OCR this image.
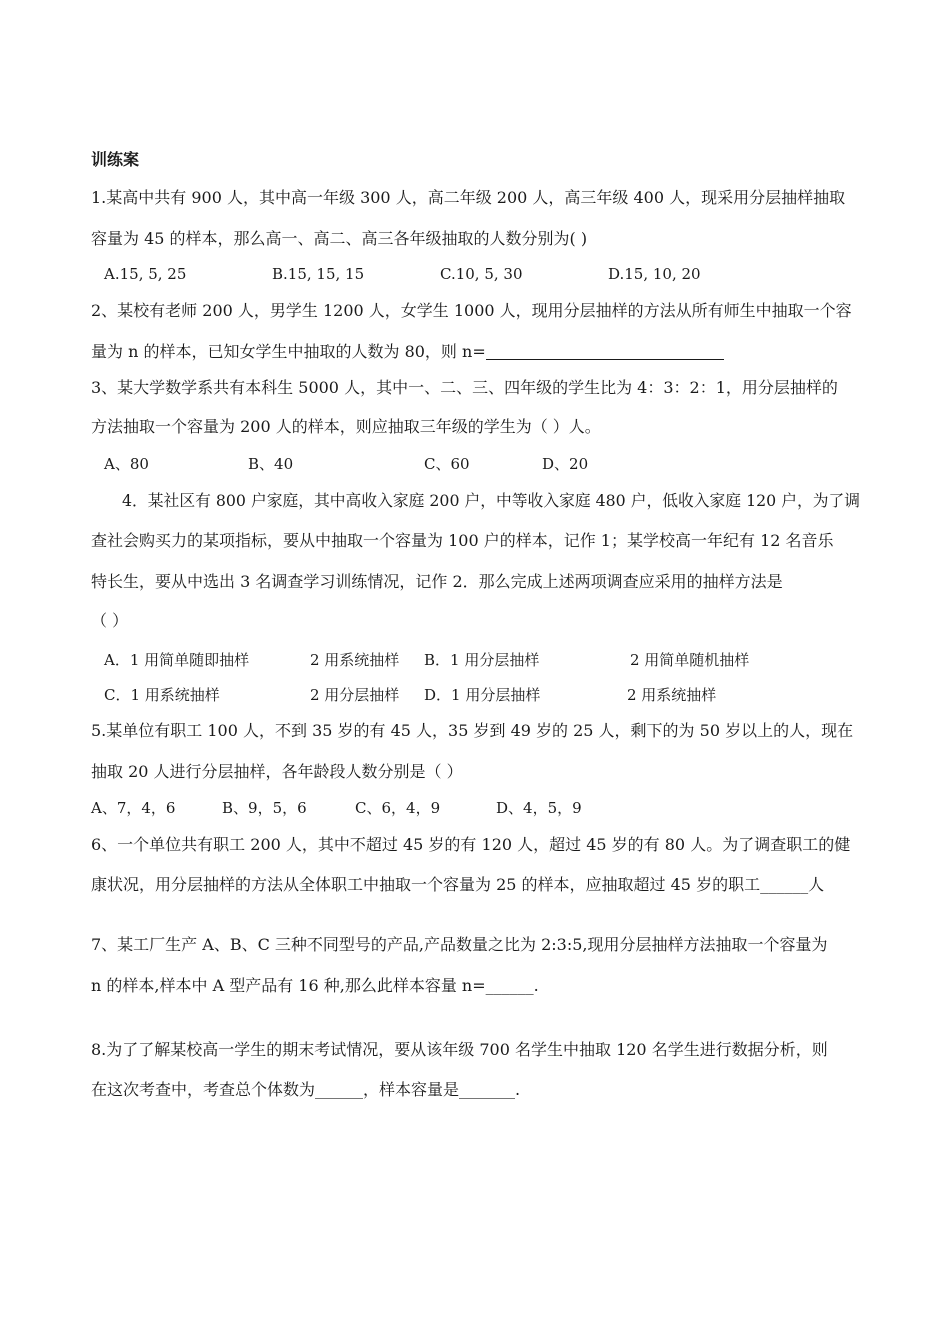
训练案
1.某高中共有 900 人，其中高一年级 300 人，高二年级 200 人，高三年级 400 人，现采用分层抽样抽取
容量为 45 的样本，那么高一、高二、高三各年级抽取的人数分别为( )
A.15, 5, 25	B.15, 15, 15	C.10, 5, 30	D.15, 10, 20
2、某校有老师 200 人，男学生 1200 人，女学生 1000 人，现用分层抽样的方法从所有师生中抽取一个容
量为 n 的样本，已知女学生中抽取的人数为 80，则 n=
3、某大学数学系共有本科生 5000 人，其中一、二、三、四年级的学生比为 4：3：2：1，用分层抽样的
方法抽取一个容量为 200 人的样本，则应抽取三年级的学生为（ ）人。
A、80	B、40	C、60	D、20
4．某社区有 800 户家庭，其中高收入家庭 200 户，中等收入家庭 480 户，低收入家庭 120 户，为了调
查社会购买力的某项指标，要从中抽取一个容量为 100 户的样本，记作 1；某学校高一年纪有 12 名音乐
特长生，要从中选出 3 名调查学习训练情况，记作 2．那么完成上述两项调查应采用的抽样方法是
（ ）
A．1 用简单随即抽样	2 用系统抽样 B．1 用分层抽样	2 用简单随机抽样
C．1 用系统抽样	2 用分层抽样 D．1 用分层抽样	2 用系统抽样
5.某单位有职工 100 人，不到 35 岁的有 45 人，35 岁到 49 岁的 25 人，剩下的为 50 岁以上的人，现在
抽取 20 人进行分层抽样，各年龄段人数分别是（ ）
A、7，4，6	B、9，5，6	C、6，4，9	D、4，5，9
6、一个单位共有职工 200 人，其中不超过 45 岁的有 120 人，超过 45 岁的有 80 人。为了调查职工的健
康状况，用分层抽样的方法从全体职工中抽取一个容量为 25 的样本，应抽取超过 45 岁的职工______人
7、某工厂生产 A、B、C 三种不同型号的产品,产品数量之比为 2:3:5,现用分层抽样方法抽取一个容量为
n 的样本,样本中 A 型产品有 16 种,那么此样本容量 n=______.
8.为了了解某校高一学生的期末考试情况，要从该年级 700 名学生中抽取 120 名学生进行数据分析，则
在这次考查中，考查总个体数为______，样本容量是_______.
